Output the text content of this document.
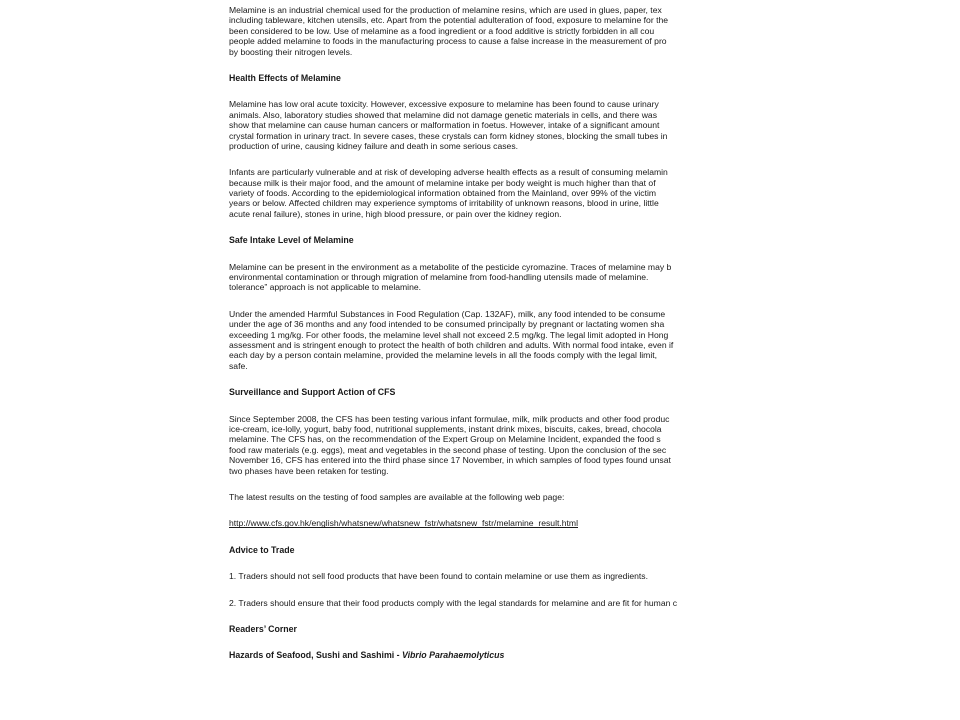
Melamine is an industrial chemical used for the production of melamine resins, which are used in glues, paper, tex
including tableware, kitchen utensils, etc. Apart from the potential adulteration of food, exposure to melamine for the
been considered to be low. Use of melamine as a food ingredient or a food additive is strictly forbidden in all cou
people added melamine to foods in the manufacturing process to cause a false increase in the measurement of pro
by boosting their nitrogen levels.
Health Effects of Melamine
Melamine has low oral acute toxicity. However, excessive exposure to melamine has been found to cause urinary
animals. Also, laboratory studies showed that melamine did not damage genetic materials in cells, and there was
show that melamine can cause human cancers or malformation in foetus. However, intake of a significant amount
crystal formation in urinary tract. In severe cases, these crystals can form kidney stones, blocking the small tubes in
production of urine, causing kidney failure and death in some serious cases.
Infants are particularly vulnerable and at risk of developing adverse health effects as a result of consuming melamin
because milk is their major food, and the amount of melamine intake per body weight is much higher than that of
variety of foods. According to the epidemiological information obtained from the Mainland, over 99% of the victim
years or below. Affected children may experience symptoms of irritability of unknown reasons, blood in urine, little
acute renal failure), stones in urine, high blood pressure, or pain over the kidney region.
Safe Intake Level of Melamine
Melamine can be present in the environment as a metabolite of the pesticide cyromazine. Traces of melamine may b
environmental contamination or through migration of melamine from food-handling utensils made of melamine.
tolerance” approach is not applicable to melamine.
Under the amended Harmful Substances in Food Regulation (Cap. 132AF), milk, any food intended to be consume
under the age of 36 months and any food intended to be consumed principally by pregnant or lactating women sha
exceeding 1 mg/kg. For other foods, the melamine level shall not exceed 2.5 mg/kg. The legal limit adopted in Hong
assessment and is stringent enough to protect the health of both children and adults. With normal food intake, even if
each day by a person contain melamine, provided the melamine levels in all the foods comply with the legal limit,
safe.
Surveillance and Support Action of CFS
Since September 2008, the CFS has been testing various infant formulae, milk, milk products and other food produc
ice-cream, ice-lolly, yogurt, baby food, nutritional supplements, instant drink mixes, biscuits, cakes, bread, chocola
melamine. The CFS has, on the recommendation of the Expert Group on Melamine Incident, expanded the food s
food raw materials (e.g. eggs), meat and vegetables in the second phase of testing. Upon the conclusion of the sec
November 16, CFS has entered into the third phase since 17 November, in which samples of food types found unsat
two phases have been retaken for testing.
The latest results on the testing of food samples are available at the following web page:
http://www.cfs.gov.hk/english/whatsnew/whatsnew_fstr/whatsnew_fstr/melamine_result.html
Advice to Trade
1. Traders should not sell food products that have been found to contain melamine or use them as ingredients.
2. Traders should ensure that their food products comply with the legal standards for melamine and are fit for human c
Readers’ Corner
Hazards of Seafood, Sushi and Sashimi - Vibrio Parahaemolyticus
